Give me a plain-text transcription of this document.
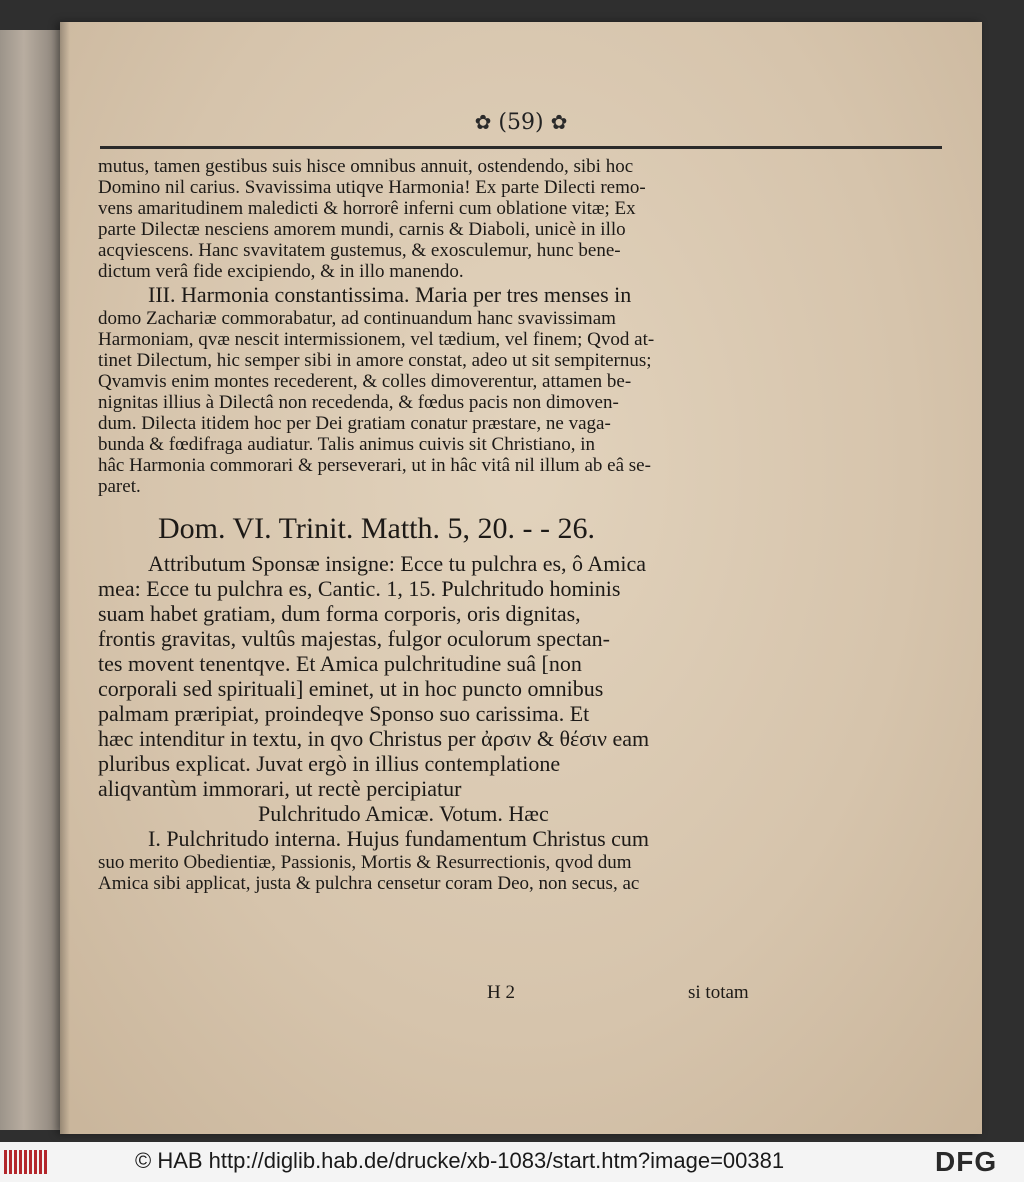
✿ (59) ✿
mutus, tamen gestibus suis hisce omnibus annuit, ostendendo, sibi hoc
Domino nil carius. Svavissima utiqve Harmonia! Ex parte Dilecti remo-
vens amaritudinem maledicti & horrorê inferni cum oblatione vitæ; Ex
parte Dilectæ nesciens amorem mundi, carnis & Diaboli, unicè in illo
acqviescens. Hanc svavitatem gustemus, & exosculemur, hunc bene-
dictum verâ fide excipiendo, & in illo manendo.
III. Harmonia constantissima. Maria per tres menses in
domo Zachariæ commorabatur, ad continuandum hanc svavissimam
Harmoniam, qvæ nescit intermissionem, vel tædium, vel finem; Qvod at-
tinet Dilectum, hic semper sibi in amore constat, adeo ut sit sempiternus;
Qvamvis enim montes recederent, & colles dimoverentur, attamen be-
nignitas illius à Dilectâ non recedenda, & fœdus pacis non dimoven-
dum. Dilecta itidem hoc per Dei gratiam conatur præstare, ne vaga-
bunda & fœdifraga audiatur. Talis animus cuivis sit Christiano, in
hâc Harmonia commorari & perseverari, ut in hâc vitâ nil illum ab eâ se-
paret.
Dom. VI. Trinit. Matth. 5, 20. - - 26.
Attributum Sponsæ insigne: Ecce tu pulchra es, ô Amica
mea: Ecce tu pulchra es, Cantic. 1, 15. Pulchritudo hominis
suam habet gratiam, dum forma corporis, oris dignitas,
frontis gravitas, vultûs majestas, fulgor oculorum spectan-
tes movent tenentqve. Et Amica pulchritudine suâ [non
corporali sed spirituali] eminet, ut in hoc puncto omnibus
palmam præripiat, proindeqve Sponso suo carissima. Et
hæc intenditur in textu, in qvo Christus per ἀρσιν & θέσιν eam
pluribus explicat. Juvat ergò in illius contemplatione
aliqvantùm immorari, ut rectè percipiatur
Pulchritudo Amicæ. Votum. Hæc
I. Pulchritudo interna. Hujus fundamentum Christus cum
suo merito Obedientiæ, Passionis, Mortis & Resurrectionis, qvod dum
Amica sibi applicat, justa & pulchra censetur coram Deo, non secus, ac
H 2	si totam
© HAB http://diglib.hab.de/drucke/xb-1083/start.htm?image=00381	DFG
